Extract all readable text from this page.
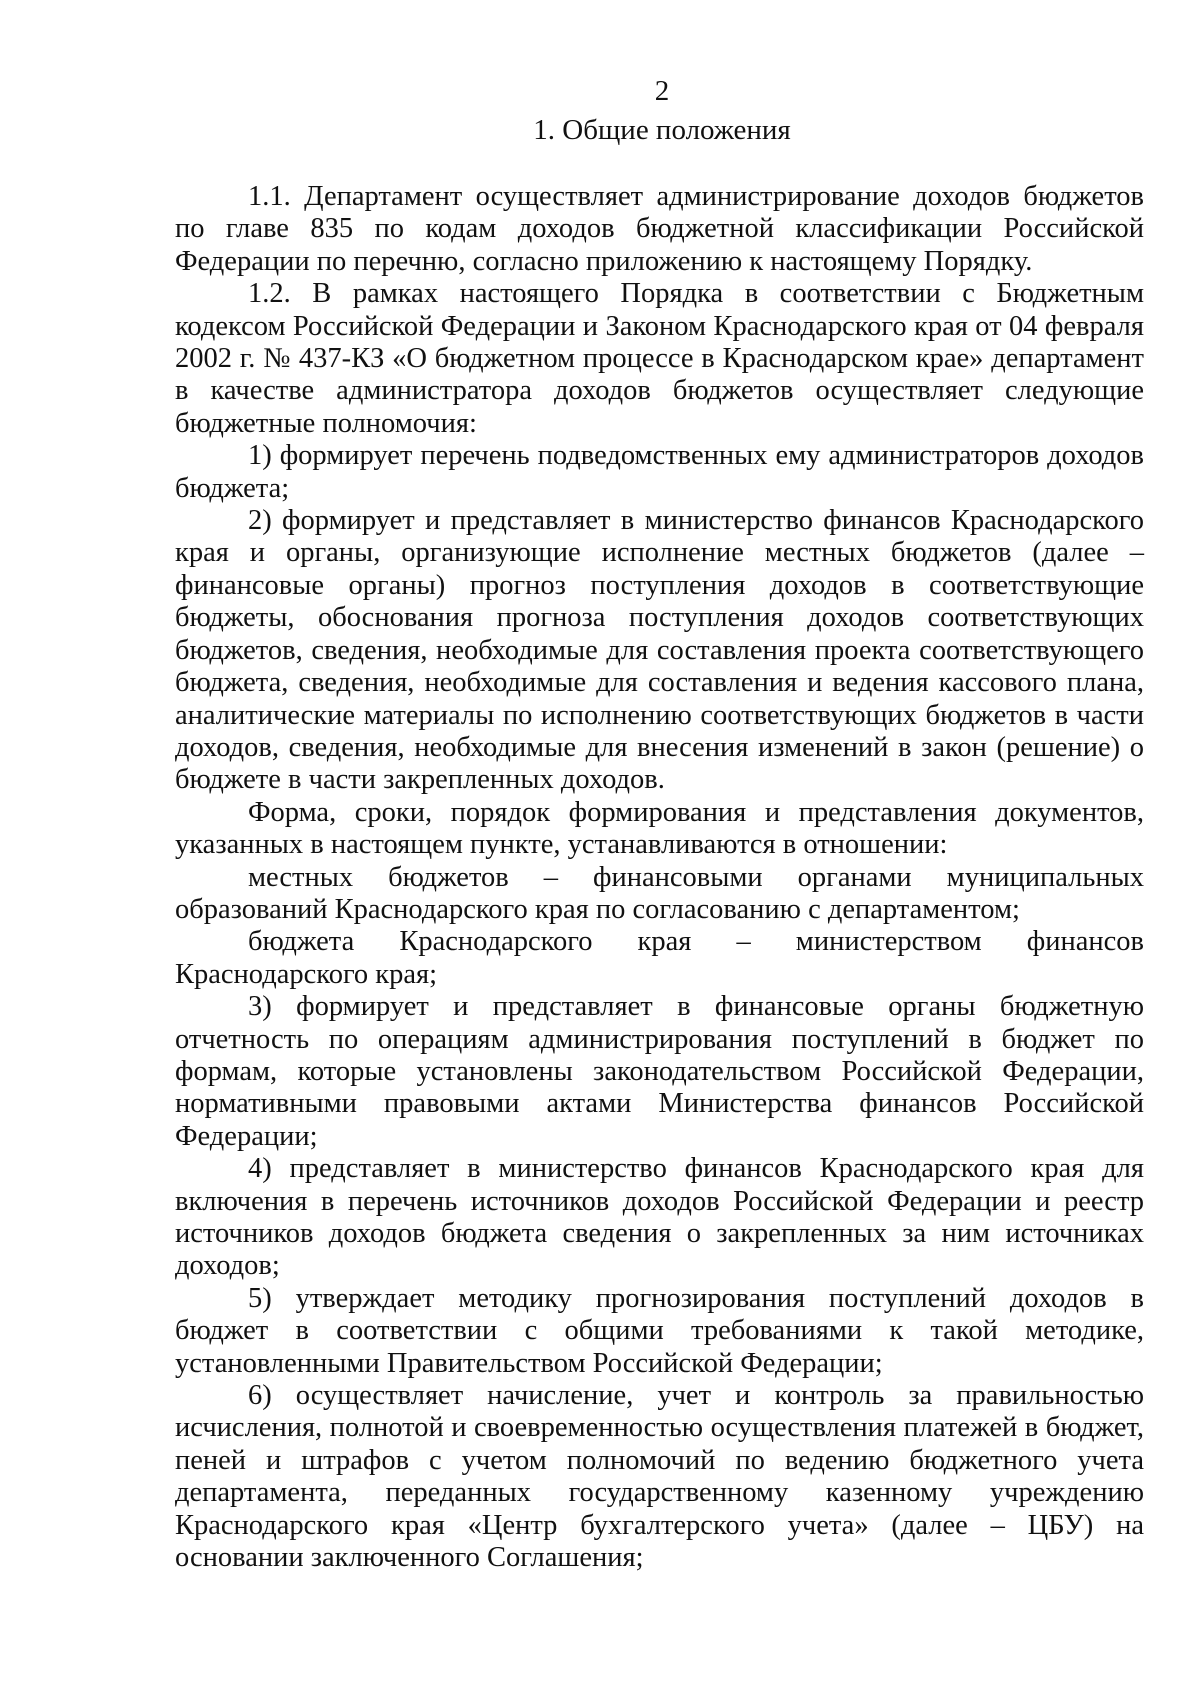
2
1. Общие положения

1.1. Департамент осуществляет администрирование доходов бюджетов по главе 835 по кодам доходов бюджетной классификации Российской Федерации по перечню, согласно приложению к настоящему Порядку.

1.2. В рамках настоящего Порядка в соответствии с Бюджетным кодексом Российской Федерации и Законом Краснодарского края от 04 февраля 2002 г. № 437-КЗ «О бюджетном процессе в Краснодарском крае» департамент в качестве администратора доходов бюджетов осуществляет следующие бюджетные полномочия:

1) формирует перечень подведомственных ему администраторов доходов бюджета;

2) формирует и представляет в министерство финансов Краснодарского края и органы, организующие исполнение местных бюджетов (далее – финансовые органы) прогноз поступления доходов в соответствующие бюджеты, обоснования прогноза поступления доходов соответствующих бюджетов, сведения, необходимые для составления проекта соответствующего бюджета, сведения, необходимые для составления и ведения кассового плана, аналитические материалы по исполнению соответствующих бюджетов в части доходов, сведения, необходимые для внесения изменений в закон (решение) о бюджете в части закрепленных доходов.

Форма, сроки, порядок формирования и представления документов, указанных в настоящем пункте, устанавливаются в отношении:

местных бюджетов – финансовыми органами муниципальных образований Краснодарского края по согласованию с департаментом;

бюджета Краснодарского края – министерством финансов Краснодарского края;

3) формирует и представляет в финансовые органы бюджетную отчетность по операциям администрирования поступлений в бюджет по формам, которые установлены законодательством Российской Федерации, нормативными правовыми актами Министерства финансов Российской Федерации;

4) представляет в министерство финансов Краснодарского края для включения в перечень источников доходов Российской Федерации и реестр источников доходов бюджета сведения о закрепленных за ним источниках доходов;

5) утверждает методику прогнозирования поступлений доходов в бюджет в соответствии с общими требованиями к такой методике, установленными Правительством Российской Федерации;

6) осуществляет начисление, учет и контроль за правильностью исчисления, полнотой и своевременностью осуществления платежей в бюджет, пеней и штрафов с учетом полномочий по ведению бюджетного учета департамента, переданных государственному казенному учреждению Краснодарского края «Центр бухгалтерского учета» (далее – ЦБУ) на основании заключенного Соглашения;
